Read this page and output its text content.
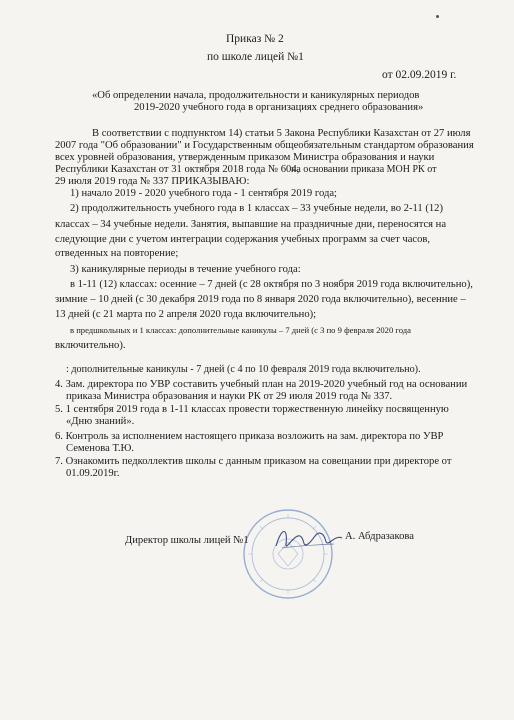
Приказ № 2
по школе лицей №1
от 02.09.2019 г.
«Об определении начала, продолжительности и каникулярных периодов
2019-2020 учебного года в организациях среднего образования»
В соответствии с подпунктом 14) статьи 5 Закона Республики Казахстан от 27 июля
2007 года "Об образовании" и Государственным общеобязательным стандартом образования
всех уровней образования, утвержденным приказом Министра образования и науки
Республики Казахстан от 31 октября 2018 года № 604,
на основании приказа МОН РК от
29 июля 2019 года № 337 ПРИКАЗЫВАЮ:
1) начало 2019 - 2020 учебного года - 1 сентября 2019 года;
2) продолжительность учебного года в 1 классах – 33 учебные недели, во 2-11 (12)
классах – 34 учебные недели. Занятия, выпавшие на праздничные дни, переносятся на
следующие дни с учетом интеграции содержания учебных программ за счет часов,
отведенных на повторение;
3) каникулярные периоды в течение учебного года:
в 1-11 (12) классах: осенние – 7 дней (с 28 октября по 3 ноября 2019 года включительно),
зимние – 10 дней (с 30 декабря 2019 года по 8 января 2020 года включительно), весенние –
13 дней (с 21 марта по 2 апреля 2020 года включительно);
в предшкольных и 1 классах: дополнительные каникулы – 7 дней (с 3 по 9 февраля 2020 года
включительно).
: дополнительные каникулы - 7 дней (с 4 по 10 февраля 2019 года включительно).
4. Зам. директора по УВР составить учебный план на 2019-2020 учебный год на основании
приказа Министра образования и науки РК от 29 июля 2019 года № 337.
5. 1 сентября 2019 года в 1-11 классах провести торжественную линейку посвященную
«Дню знаний».
6. Контроль за исполнением настоящего приказа возложить на зам. директора по УВР
Семенова Т.Ю.
7. Ознакомить педколлектив школы с данным приказом на совещании при директоре от
01.09.2019г.
Директор школы лицей №1	А. Абдразакова
